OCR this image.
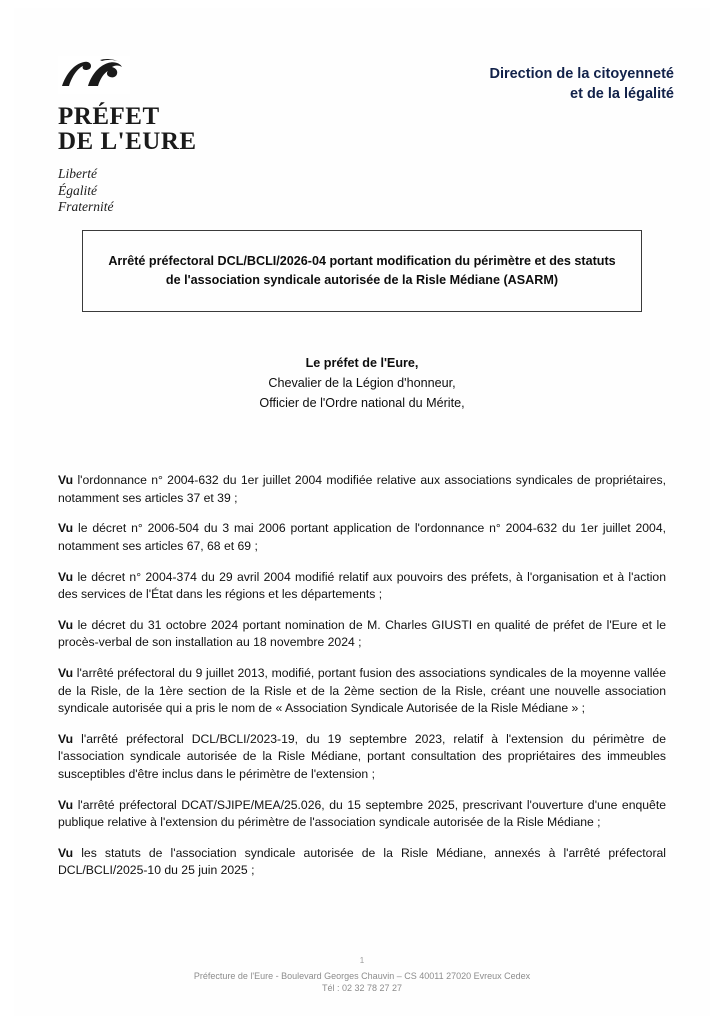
PRÉFET
DE L'EURE
Liberté
Égalité
Fraternité
Direction de la citoyenneté
et de la légalité
Arrêté préfectoral DCL/BCLI/2026-04 portant modification du périmètre et des statuts de l'association syndicale autorisée de la Risle Médiane (ASARM)
Le préfet de l'Eure,
Chevalier de la Légion d'honneur,
Officier de l'Ordre national du Mérite,

Vu l'ordonnance n° 2004-632 du 1er juillet 2004 modifiée relative aux associations syndicales de propriétaires, notamment ses articles 37 et 39 ;

Vu le décret n° 2006-504 du 3 mai 2006 portant application de l'ordonnance n° 2004-632 du 1er juillet 2004, notamment ses articles 67, 68 et 69 ;

Vu le décret n° 2004-374 du 29 avril 2004 modifié relatif aux pouvoirs des préfets, à l'organisation et à l'action des services de l'État dans les régions et les départements ;

Vu le décret du 31 octobre 2024 portant nomination de M. Charles GIUSTI en qualité de préfet de l'Eure et le procès-verbal de son installation au 18 novembre 2024 ;

Vu l'arrêté préfectoral du 9 juillet 2013, modifié, portant fusion des associations syndicales de la moyenne vallée de la Risle, de la 1ère section de la Risle et de la 2ème section de la Risle, créant une nouvelle association syndicale autorisée qui a pris le nom de « Association Syndicale Autorisée de la Risle Médiane » ;

Vu l'arrêté préfectoral DCL/BCLI/2023-19, du 19 septembre 2023, relatif à l'extension du périmètre de l'association syndicale autorisée de la Risle Médiane, portant consultation des propriétaires des immeubles susceptibles d'être inclus dans le périmètre de l'extension ;

Vu l'arrêté préfectoral DCAT/SJIPE/MEA/25.026, du 15 septembre 2025, prescrivant l'ouverture d'une enquête publique relative à l'extension du périmètre de l'association syndicale autorisée de la Risle Médiane ;

Vu les statuts de l'association syndicale autorisée de la Risle Médiane, annexés à l'arrêté préfectoral DCL/BCLI/2025-10 du 25 juin 2025 ;

1
Préfecture de l'Eure - Boulevard Georges Chauvin – CS 40011 27020 Evreux Cedex
Tél : 02 32 78 27 27
